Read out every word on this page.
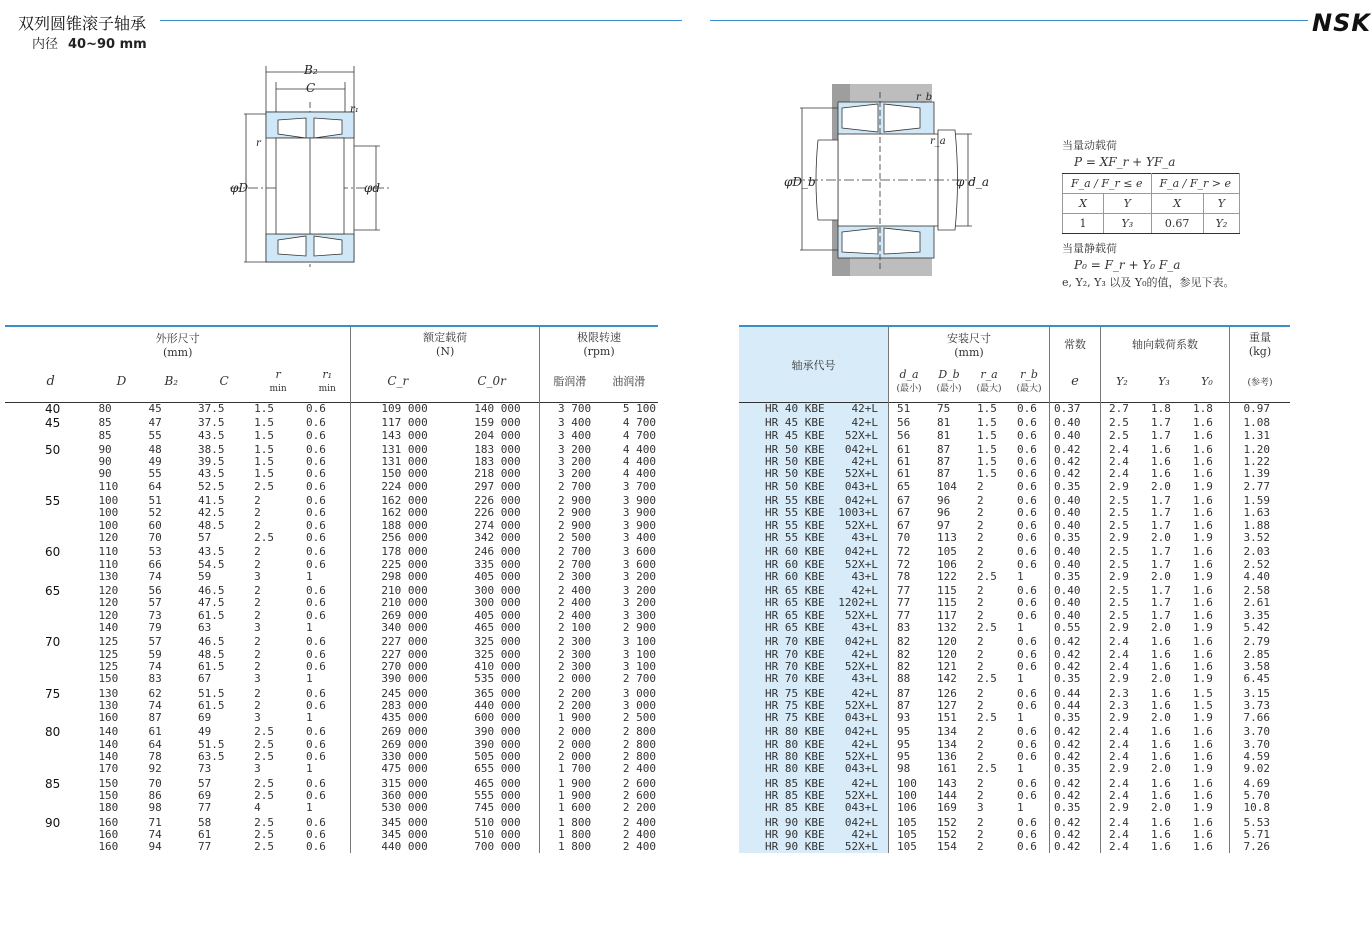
双列圆锥滚子轴承
内径 40~90 mm
NSK
B₂
C
r₁
r
φD	φd
r_b
r_a
φD_b	φ d_a
当量动载荷
P = XF_r + YF_a
F_a / F_r ≤ e		F_a / F_r > e	
X	Y	X	Y
1	Y₃	0.67	Y₂
当量静载荷
P₀ = F_r + Y₀ F_a
e, Y₂, Y₃ 以及 Y₀的值，参见下表。
外形尺寸
(mm)						额定载荷
(N)		极限转速
(rpm)	
d	D	B₂	C	r
min	r₁
min	C_r	C_0r	脂润滑	油润滑
40	80	45	37.5	1.5	0.6	109 000	140 000	3 700	5 100

45	85	47	37.5	1.5	0.6	117 000	159 000	3 400	4 700
	85	55	43.5	1.5	0.6	143 000	204 000	3 400	4 700

50	90	48	38.5	1.5	0.6	131 000	183 000	3 200	4 400
	90	49	39.5	1.5	0.6	131 000	183 000	3 200	4 400
	90	55	43.5	1.5	0.6	150 000	218 000	3 200	4 400
	110	64	52.5	2.5	0.6	224 000	297 000	2 700	3 700

55	100	51	41.5	2	0.6	162 000	226 000	2 900	3 900
	100	52	42.5	2	0.6	162 000	226 000	2 900	3 900
	100	60	48.5	2	0.6	188 000	274 000	2 900	3 900
	120	70	57	2.5	0.6	256 000	342 000	2 500	3 400

60	110	53	43.5	2	0.6	178 000	246 000	2 700	3 600
	110	66	54.5	2	0.6	225 000	335 000	2 700	3 600
	130	74	59	3	1	298 000	405 000	2 300	3 200

65	120	56	46.5	2	0.6	210 000	300 000	2 400	3 200
	120	57	47.5	2	0.6	210 000	300 000	2 400	3 200
	120	73	61.5	2	0.6	269 000	405 000	2 400	3 300
	140	79	63	3	1	340 000	465 000	2 100	2 900

70	125	57	46.5	2	0.6	227 000	325 000	2 300	3 100
	125	59	48.5	2	0.6	227 000	325 000	2 300	3 100
	125	74	61.5	2	0.6	270 000	410 000	2 300	3 100
	150	83	67	3	1	390 000	535 000	2 000	2 700

75	130	62	51.5	2	0.6	245 000	365 000	2 200	3 000
	130	74	61.5	2	0.6	283 000	440 000	2 200	3 000
	160	87	69	3	1	435 000	600 000	1 900	2 500

80	140	61	49	2.5	0.6	269 000	390 000	2 000	2 800
	140	64	51.5	2.5	0.6	269 000	390 000	2 000	2 800
	140	78	63.5	2.5	0.6	330 000	505 000	2 000	2 800
	170	92	73	3	1	475 000	655 000	1 700	2 400

85	150	70	57	2.5	0.6	315 000	465 000	1 900	2 600
	150	86	69	2.5	0.6	360 000	555 000	1 900	2 600
	180	98	77	4	1	530 000	745 000	1 600	2 200

90	160	71	58	2.5	0.6	345 000	510 000	1 800	2 400
	160	74	61	2.5	0.6	345 000	510 000	1 800	2 400
	160	94	77	2.5	0.6	440 000	700 000	1 800	2 400
轴承代号	安装尺寸
(mm)				常数	轴向载荷系数			重量
(kg)
	d_a
(最小)	D_b
(最小)	r_a
(最大)	r_b
(最大)	e	Y₂	Y₃	Y₀	(参考)
HR 40 KBE 42+L	51	75	1.5	0.6	0.37	2.7	1.8	1.8	0.97

HR 45 KBE 42+L	56	81	1.5	0.6	0.40	2.5	1.7	1.6	1.08
HR 45 KBE 52X+L	56	81	1.5	0.6	0.40	2.5	1.7	1.6	1.31

HR 50 KBE 042+L	61	87	1.5	0.6	0.42	2.4	1.6	1.6	1.20
HR 50 KBE 42+L	61	87	1.5	0.6	0.42	2.4	1.6	1.6	1.22
HR 50 KBE 52X+L	61	87	1.5	0.6	0.42	2.4	1.6	1.6	1.39
HR 50 KBE 043+L	65	104	2	0.6	0.35	2.9	2.0	1.9	2.77

HR 55 KBE 042+L	67	96	2	0.6	0.40	2.5	1.7	1.6	1.59
HR 55 KBE 1003+L	67	96	2	0.6	0.40	2.5	1.7	1.6	1.63
HR 55 KBE 52X+L	67	97	2	0.6	0.40	2.5	1.7	1.6	1.88
HR 55 KBE 43+L	70	113	2	0.6	0.35	2.9	2.0	1.9	3.52

HR 60 KBE 042+L	72	105	2	0.6	0.40	2.5	1.7	1.6	2.03
HR 60 KBE 52X+L	72	106	2	0.6	0.40	2.5	1.7	1.6	2.52
HR 60 KBE 43+L	78	122	2.5	1	0.35	2.9	2.0	1.9	4.40

HR 65 KBE 42+L	77	115	2	0.6	0.40	2.5	1.7	1.6	2.58
HR 65 KBE 1202+L	77	115	2	0.6	0.40	2.5	1.7	1.6	2.61
HR 65 KBE 52X+L	77	117	2	0.6	0.40	2.5	1.7	1.6	3.35
HR 65 KBE 43+L	83	132	2.5	1	0.55	2.9	2.0	1.9	5.42

HR 70 KBE 042+L	82	120	2	0.6	0.42	2.4	1.6	1.6	2.79
HR 70 KBE 42+L	82	120	2	0.6	0.42	2.4	1.6	1.6	2.85
HR 70 KBE 52X+L	82	121	2	0.6	0.42	2.4	1.6	1.6	3.58
HR 70 KBE 43+L	88	142	2.5	1	0.35	2.9	2.0	1.9	6.45

HR 75 KBE 42+L	87	126	2	0.6	0.44	2.3	1.6	1.5	3.15
HR 75 KBE 52X+L	87	127	2	0.6	0.44	2.3	1.6	1.5	3.73
HR 75 KBE 043+L	93	151	2.5	1	0.35	2.9	2.0	1.9	7.66

HR 80 KBE 042+L	95	134	2	0.6	0.42	2.4	1.6	1.6	3.70
HR 80 KBE 42+L	95	134	2	0.6	0.42	2.4	1.6	1.6	3.70
HR 80 KBE 52X+L	95	136	2	0.6	0.42	2.4	1.6	1.6	4.59
HR 80 KBE 043+L	98	161	2.5	1	0.35	2.9	2.0	1.9	9.02

HR 85 KBE 42+L	100	143	2	0.6	0.42	2.4	1.6	1.6	4.69
HR 85 KBE 52X+L	100	144	2	0.6	0.42	2.4	1.6	1.6	5.70
HR 85 KBE 043+L	106	169	3	1	0.35	2.9	2.0	1.9	10.8

HR 90 KBE 042+L	105	152	2	0.6	0.42	2.4	1.6	1.6	5.53
HR 90 KBE 42+L	105	152	2	0.6	0.42	2.4	1.6	1.6	5.71
HR 90 KBE 52X+L	105	154	2	0.6	0.42	2.4	1.6	1.6	7.26
